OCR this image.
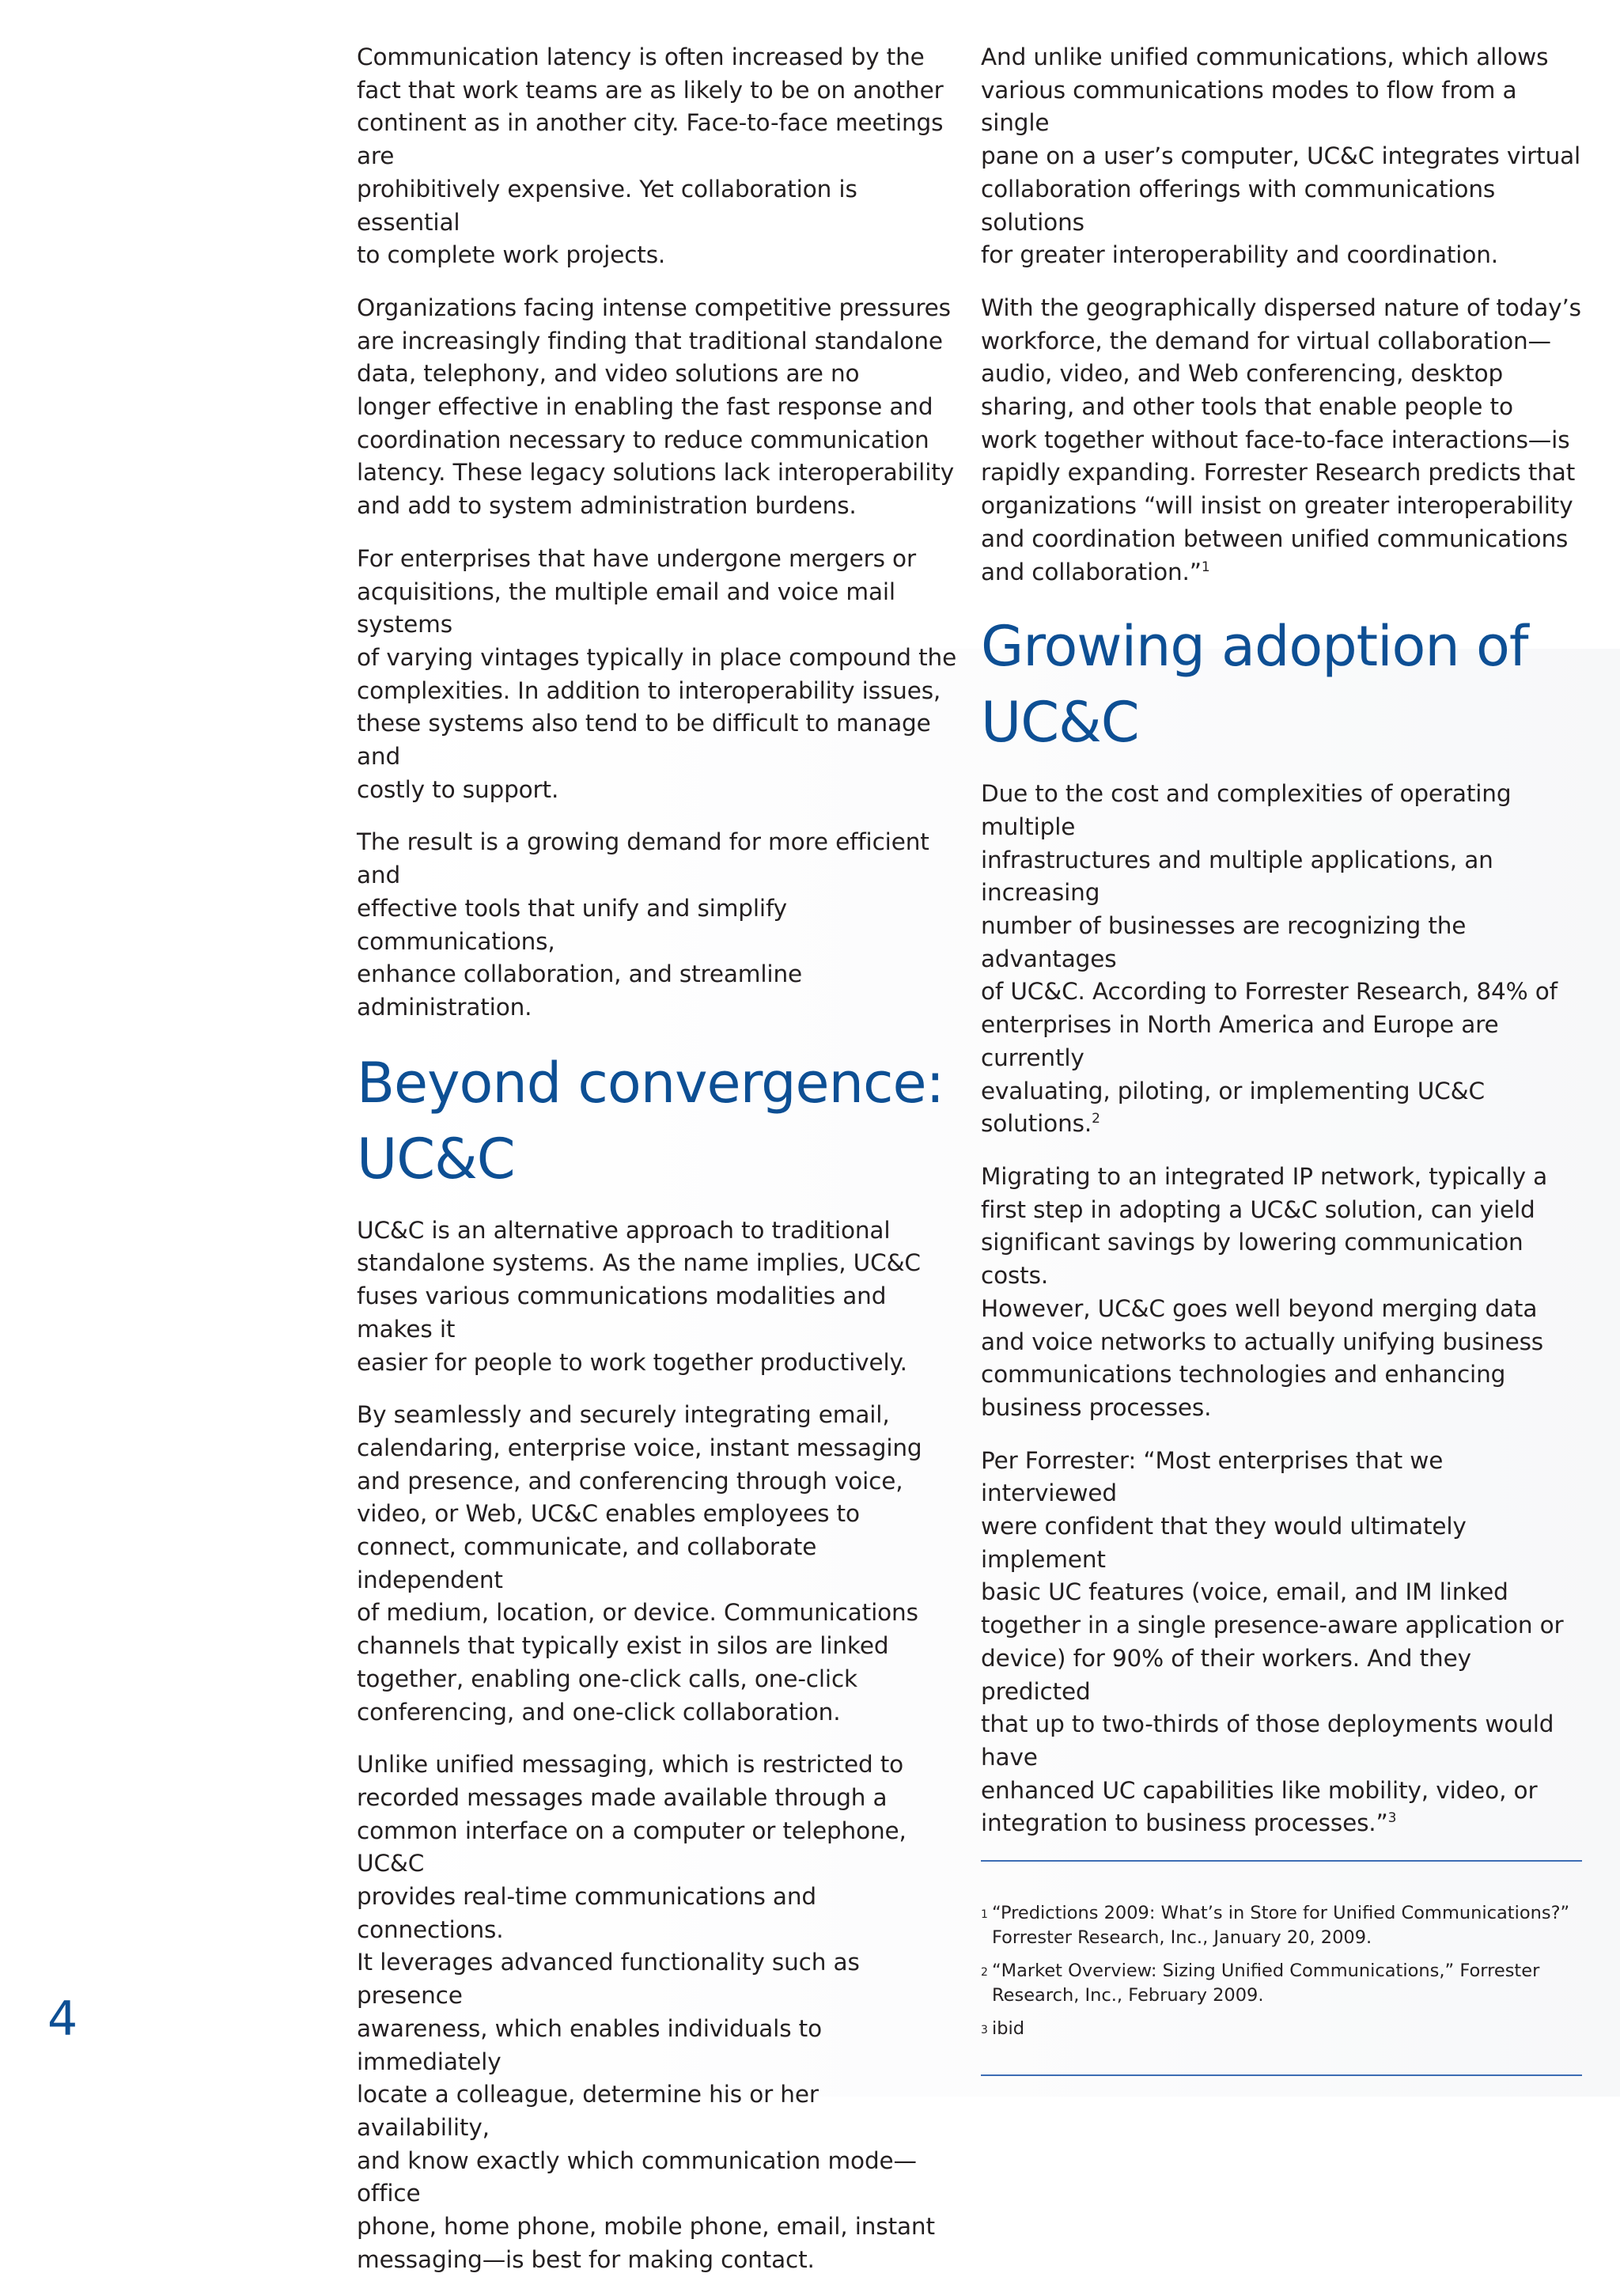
Communication latency is often increased by the
fact that work teams are as likely to be on another
continent as in another city. Face-to-face meetings are
prohibitively expensive. Yet collaboration is essential
to complete work projects.

Organizations facing intense competitive pressures
are increasingly finding that traditional standalone
data, telephony, and video solutions are no
longer effective in enabling the fast response and
coordination necessary to reduce communication
latency. These legacy solutions lack interoperability
and add to system administration burdens.

For enterprises that have undergone mergers or
acquisitions, the multiple email and voice mail systems
of varying vintages typically in place compound the
complexities. In addition to interoperability issues,
these systems also tend to be difficult to manage and
costly to support.

The result is a growing demand for more efficient and
effective tools that unify and simplify communications,
enhance collaboration, and streamline administration.

Beyond convergence:
UC&C

UC&C is an alternative approach to traditional
standalone systems. As the name implies, UC&C
fuses various communications modalities and makes it
easier for people to work together productively.

By seamlessly and securely integrating email,
calendaring, enterprise voice, instant messaging
and presence, and conferencing through voice,
video, or Web, UC&C enables employees to
connect, communicate, and collaborate independent
of medium, location, or device. Communications
channels that typically exist in silos are linked
together, enabling one-click calls, one-click
conferencing, and one-click collaboration.

Unlike unified messaging, which is restricted to
recorded messages made available through a
common interface on a computer or telephone, UC&C
provides real-time communications and connections.
It leverages advanced functionality such as presence
awareness, which enables individuals to immediately
locate a colleague, determine his or her availability,
and know exactly which communication mode—office
phone, home phone, mobile phone, email, instant
messaging—is best for making contact.

And unlike unified communications, which allows
various communications modes to flow from a single
pane on a user’s computer, UC&C integrates virtual
collaboration offerings with communications solutions
for greater interoperability and coordination.

With the geographically dispersed nature of today’s
workforce, the demand for virtual collaboration—
audio, video, and Web conferencing, desktop
sharing, and other tools that enable people to
work together without face-to-face interactions—is
rapidly expanding. Forrester Research predicts that
organizations “will insist on greater interoperability
and coordination between unified communications
and collaboration.”$^1$

Growing adoption of
UC&C

Due to the cost and complexities of operating multiple
infrastructures and multiple applications, an increasing
number of businesses are recognizing the advantages
of UC&C. According to Forrester Research, 84% of
enterprises in North America and Europe are currently
evaluating, piloting, or implementing UC&C solutions.$^2$

Migrating to an integrated IP network, typically a
first step in adopting a UC&C solution, can yield
significant savings by lowering communication costs.
However, UC&C goes well beyond merging data
and voice networks to actually unifying business
communications technologies and enhancing
business processes.

Per Forrester: “Most enterprises that we interviewed
were confident that they would ultimately implement
basic UC features (voice, email, and IM linked
together in a single presence-aware application or
device) for 90% of their workers. And they predicted
that up to two-thirds of those deployments would have
enhanced UC capabilities like mobility, video, or
integration to business processes.”$^3$

1 “Predictions 2009: What’s in Store for Unified Communications?”
Forrester Research, Inc., January 20, 2009.
2 “Market Overview: Sizing Unified Communications,” Forrester
Research, Inc., February 2009.
3 ibid
4
